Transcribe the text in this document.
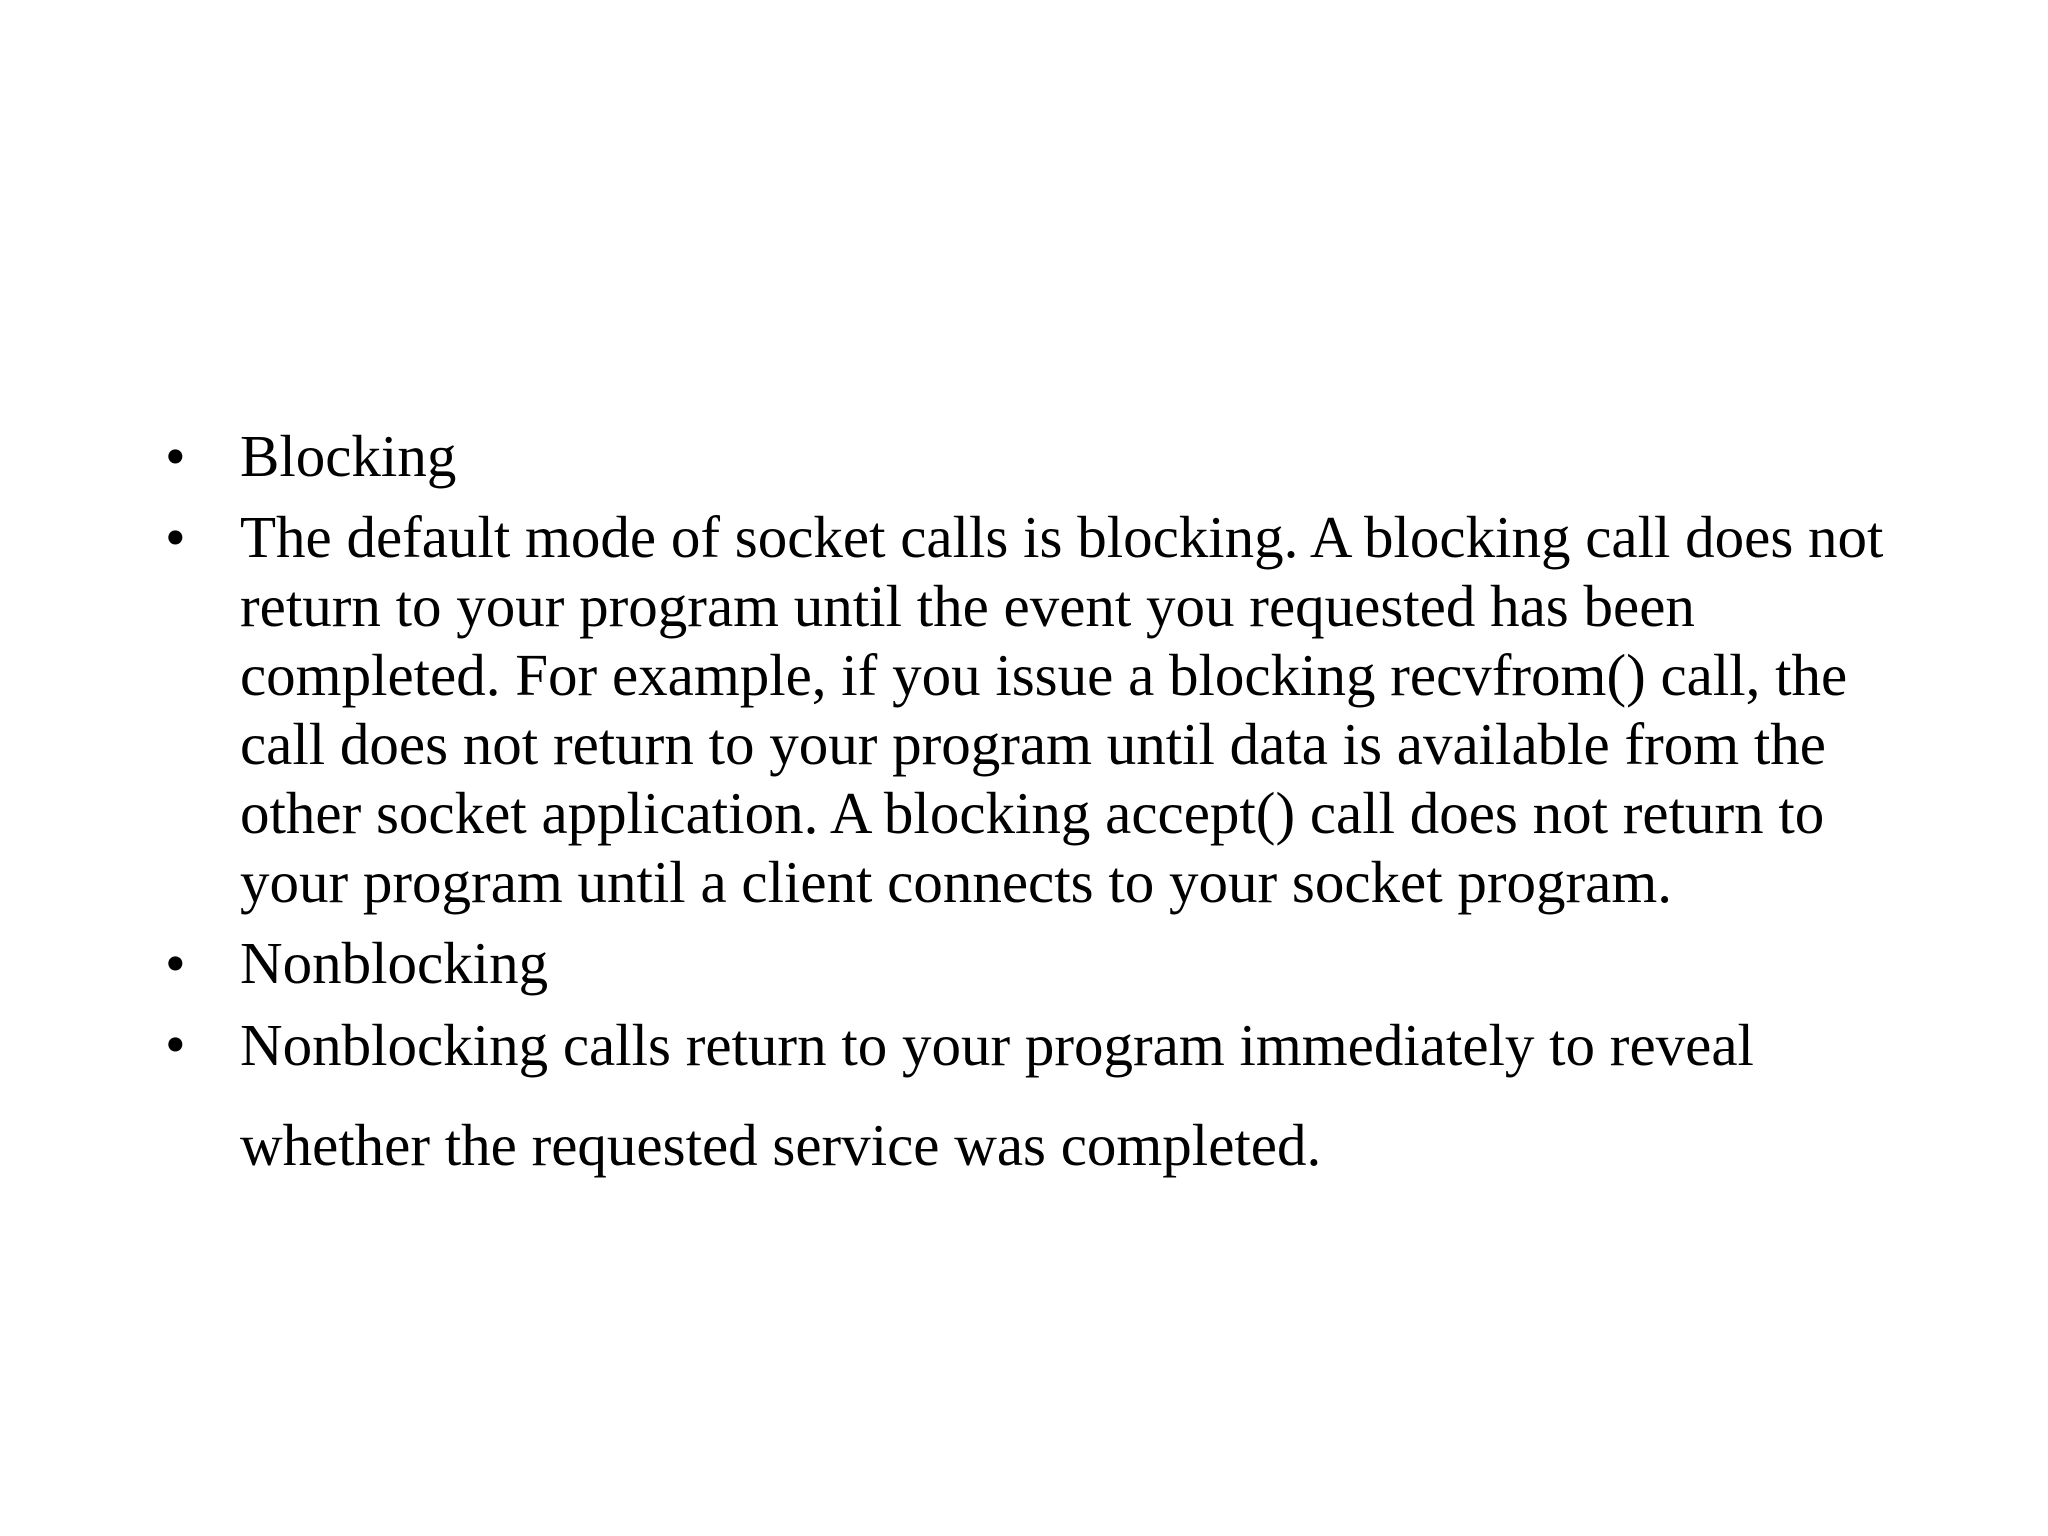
• Blocking
• The default mode of socket calls is blocking. A blocking call does not return to your program until the event you requested has been completed. For example, if you issue a blocking recvfrom() call, the call does not return to your program until data is available from the other socket application. A blocking accept() call does not return to your program until a client connects to your socket program.
• Nonblocking
• Nonblocking calls return to your program immediately to reveal whether the requested service was completed.
